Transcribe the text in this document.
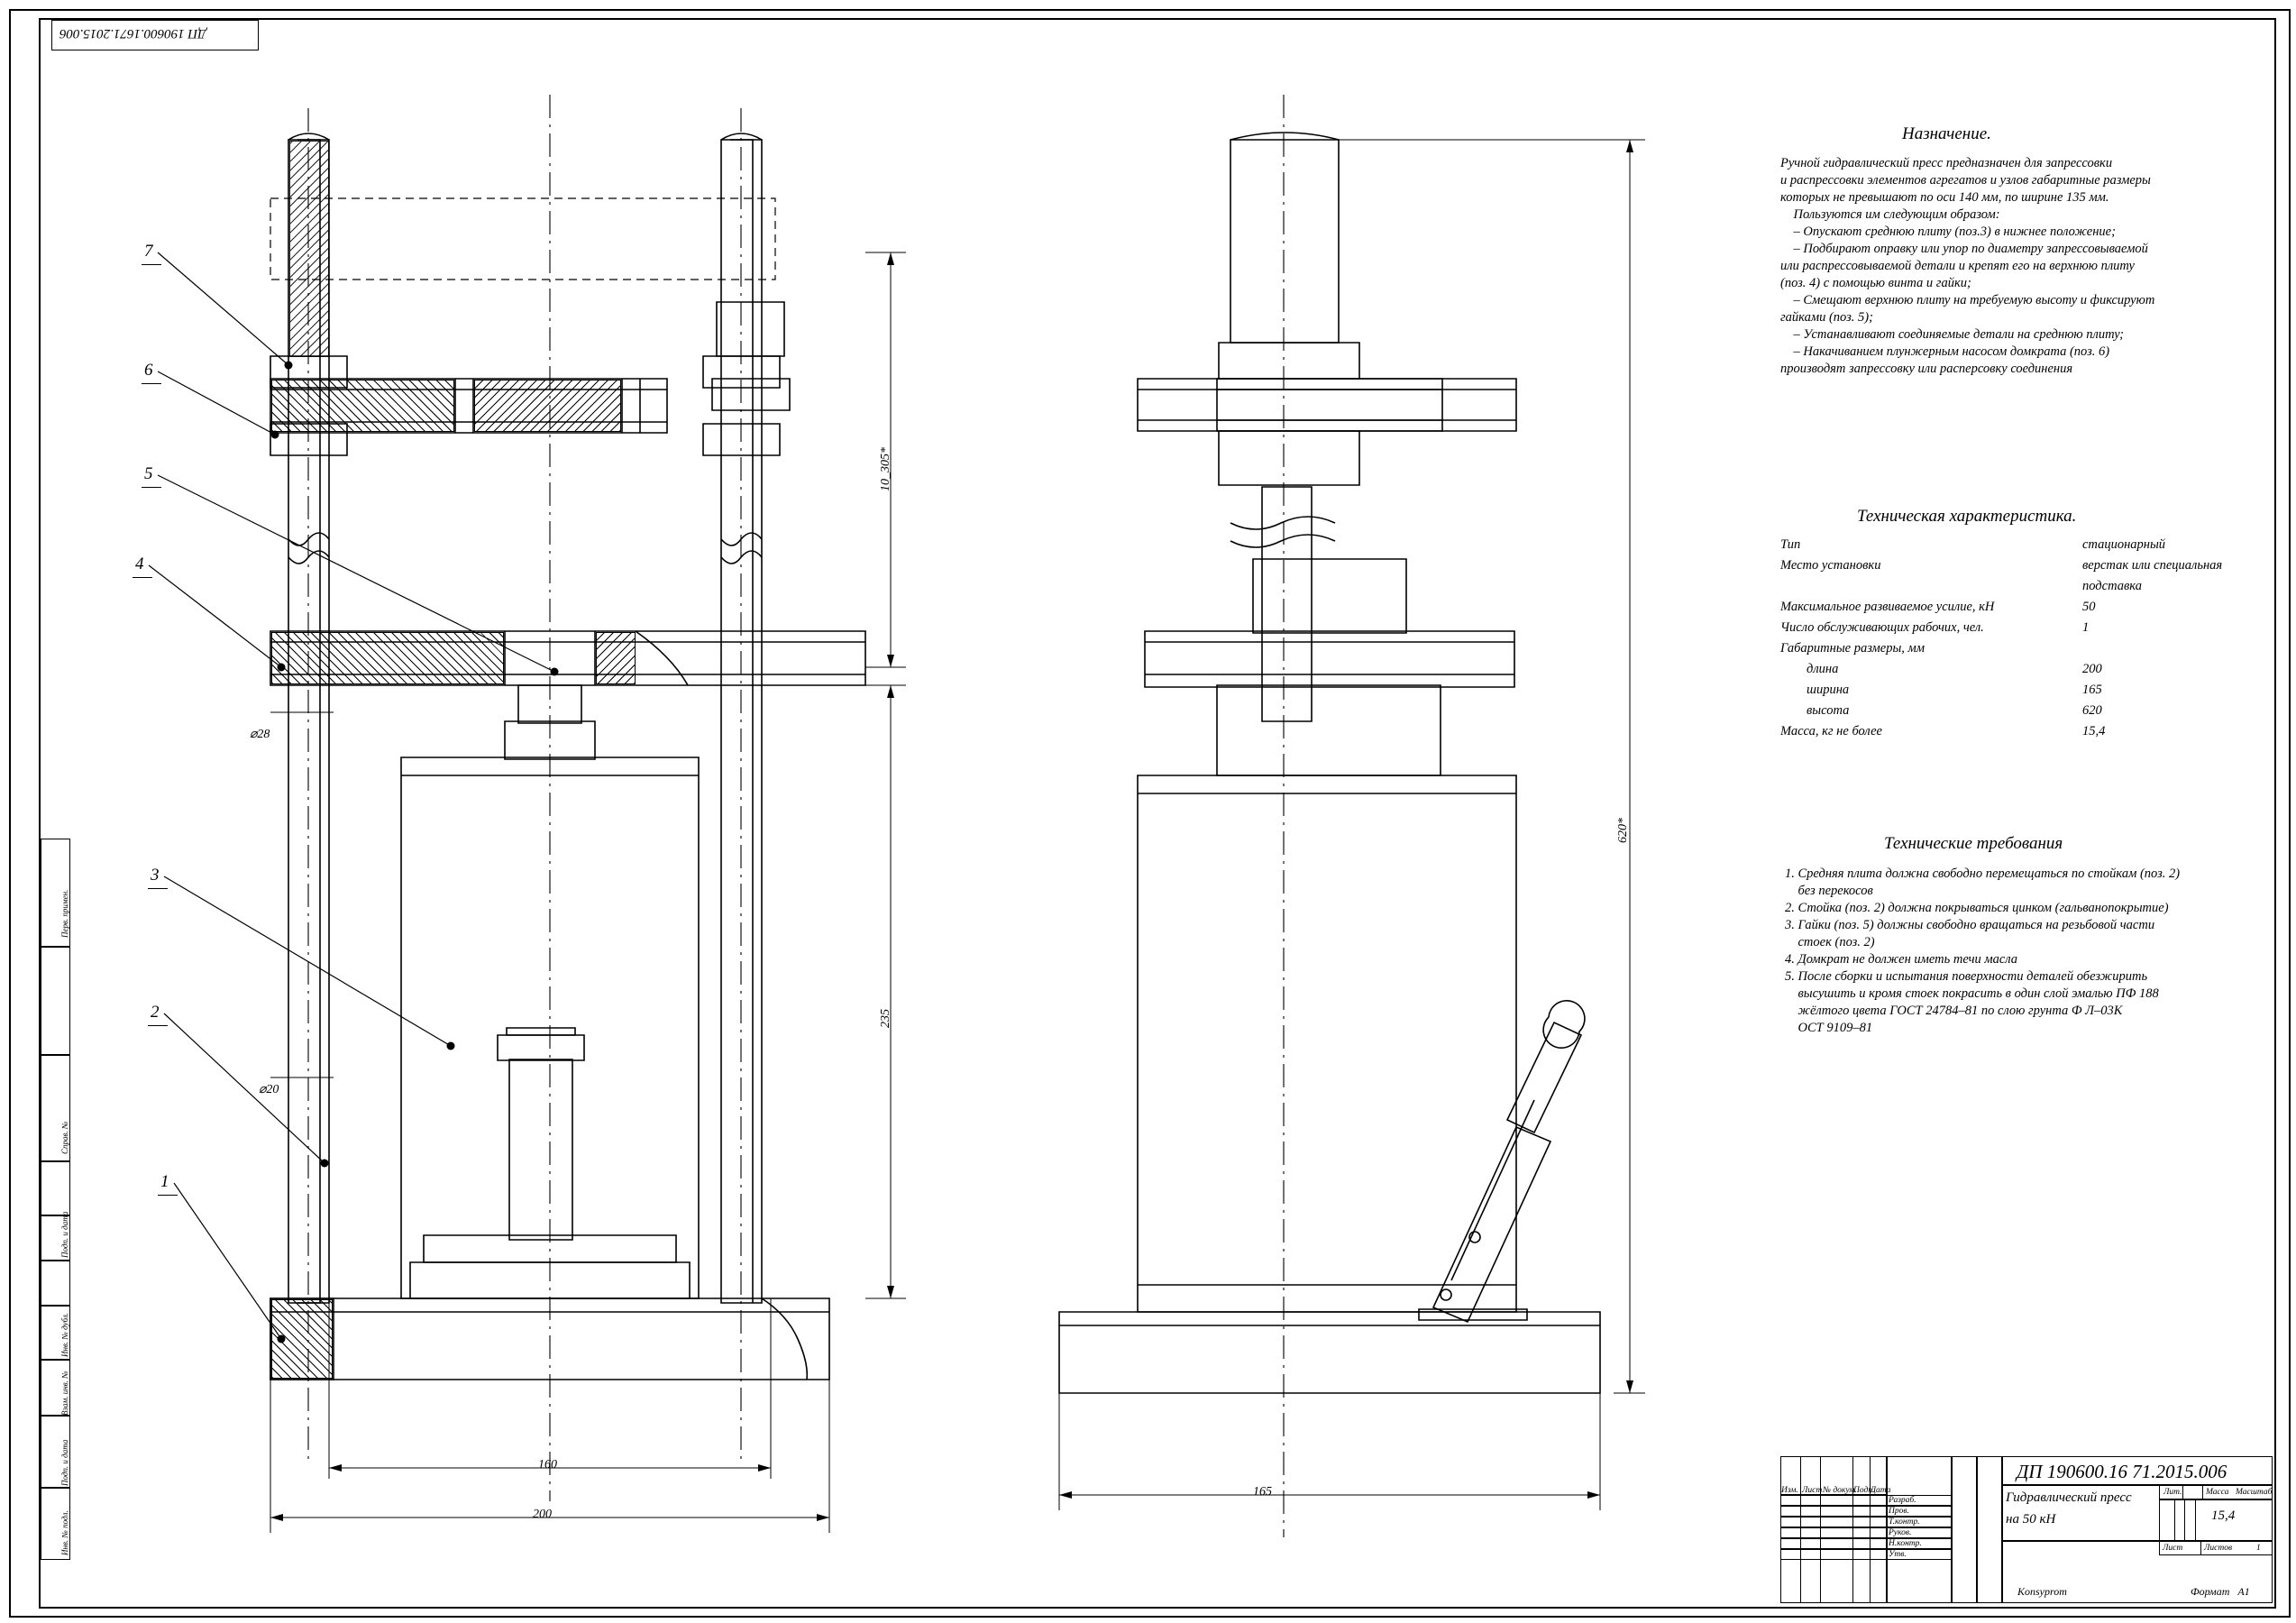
ДП 190600.1671.2015.006
Перв. примен.
Справ. №
Подп. и дата
Инв. № дубл.
Взам. инв. №
Подп. и дата
Инв. № подл.
Назначение.
Ручной гидравлический пресс предназначен для запрессовки
и распрессовки элементов агрегатов и узлов габаритные размеры
которых не превышают по оси 140 мм, по ширине 135 мм.
Пользуются им следующим образом:
– Опускают среднюю плиту (поз.3) в нижнее положение;
– Подбирают оправку или упор по диаметру запрессовываемой
или распрессовываемой детали и крепят его на верхнюю плиту
(поз. 4) с помощью винта и гайки;
– Смещают верхнюю плиту на требуемую высоту и фиксируют
гайками (поз. 5);
– Устанавливают соединяемые детали на среднюю плиту;
– Накачиванием плунжерным насосом домкрата (поз. 6)
производят запрессовку или расперсовку соединения
Техническая характеристика.
Тип	стационарный
Место установки	верстак или специальная
подставка
Максимальное развиваемое усилие, кН	50
Число обслуживающих рабочих, чел.	1
Габаритные размеры, мм
длина	200
ширина	165
высота	620
Масса, кг не более	15,4
Технические требования
1. Средняя плита должна свободно перемещаться по стойкам (поз. 2)
без перекосов
2. Стойка (поз. 2) должна покрываться цинком (гальванопокрытие)
3. Гайки (поз. 5) должны свободно вращаться на резьбовой части
стоек (поз. 2)
4. Домкрат не должен иметь течи масла
5. После сборки и испытания поверхности деталей обезжирить
высушить и кромя стоек покрасить в один слой эмалью ПФ 188
жёлтого цвета ГОСТ 24784–81 по слою грунта Ф Л–03К
ОСТ 9109–81
7
6
5
4
3
2
1
160
200
165
620*
10_305*
235
⌀28
⌀20
ДП 190600.16 71.2015.006
Гидравлический пресс
на 50 кН
Лит.	Масса Масштаб
15,4
Лист Листов	1
Изм. Лист № докум.
Подп.
Дата
Разраб.
Пров.
Т.контр.
Руков.
Н.контр.
Утв.
Konsyprom	Формат   А1
